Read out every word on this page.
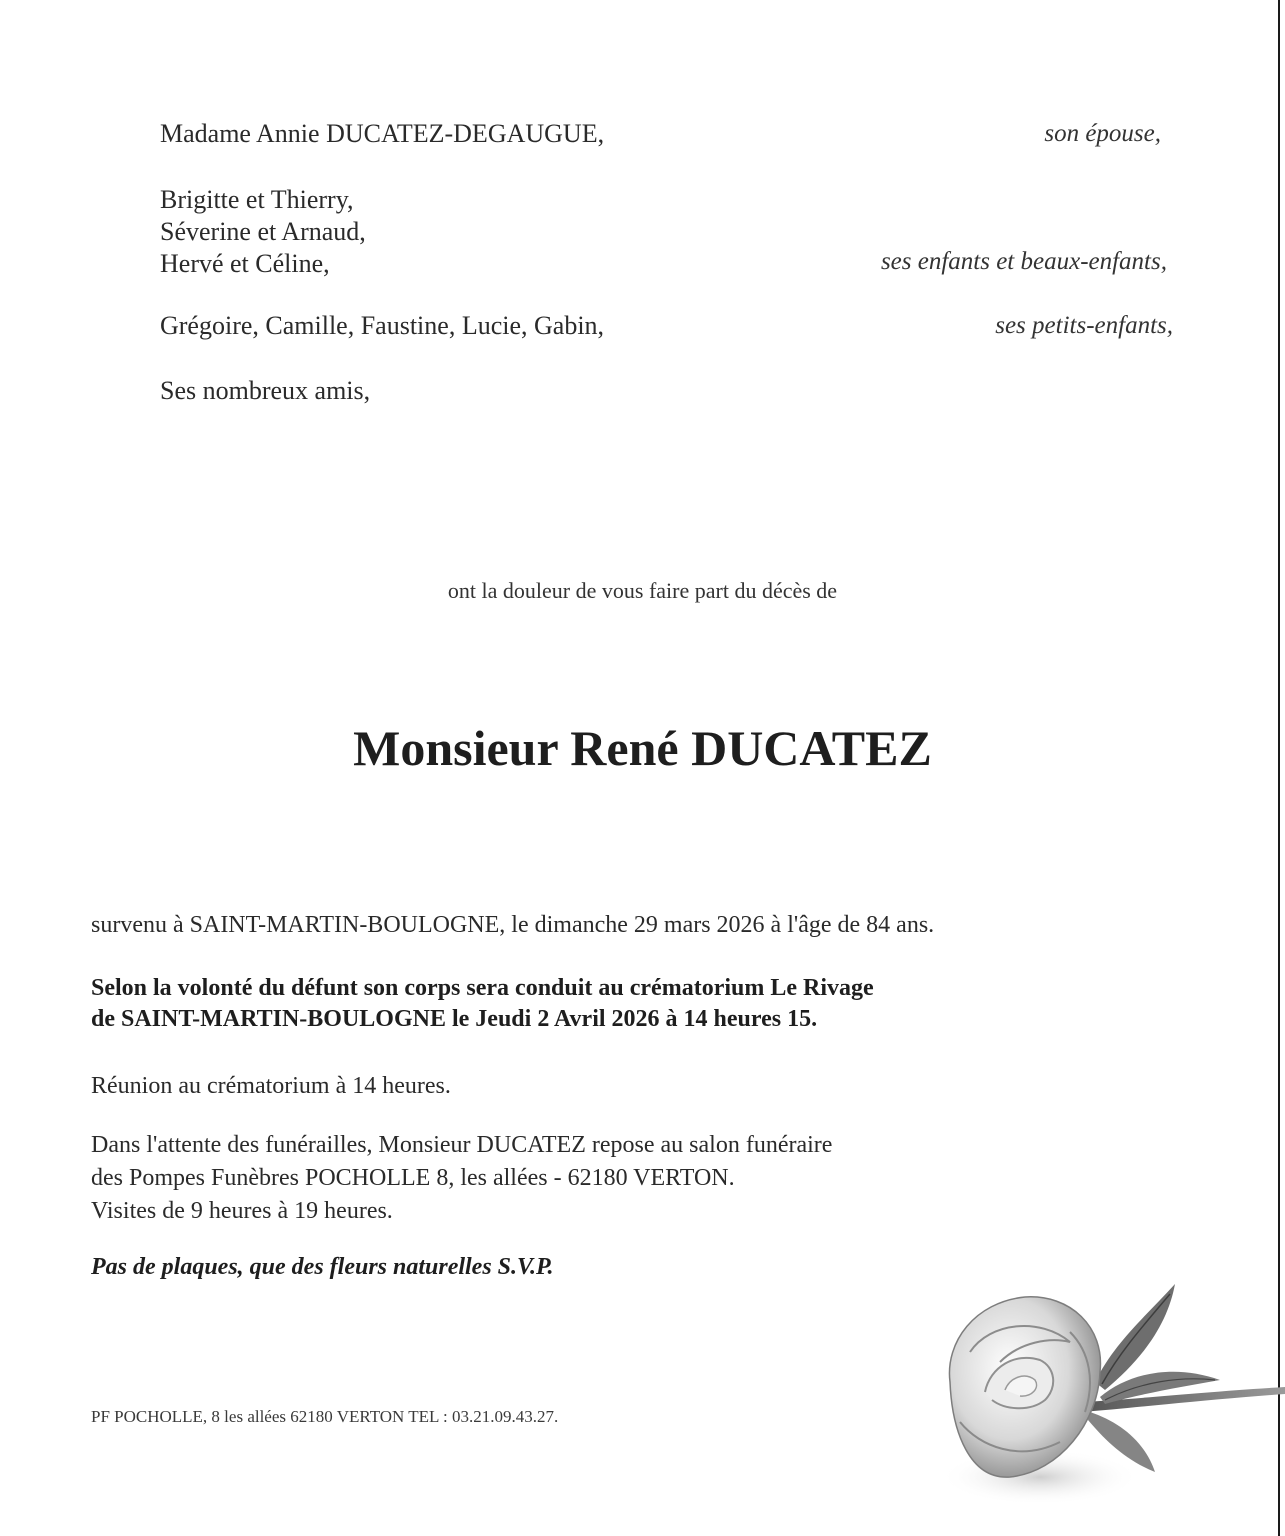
Madame Annie DUCATEZ-DEGAUGUE,	son épouse,
Brigitte et Thierry,
Séverine et Arnaud,
Hervé et Céline,	ses enfants et beaux-enfants,
Grégoire, Camille, Faustine, Lucie, Gabin,	ses petits-enfants,
Ses nombreux amis,
ont la douleur de vous faire part du décès de
Monsieur René DUCATEZ
survenu à SAINT-MARTIN-BOULOGNE, le dimanche 29 mars 2026 à l'âge de 84 ans.
Selon la volonté du défunt son corps sera conduit au crématorium Le Rivage
de SAINT-MARTIN-BOULOGNE le Jeudi 2 Avril 2026 à 14 heures 15.
Réunion au crématorium à 14 heures.
Dans l'attente des funérailles, Monsieur DUCATEZ repose au salon funéraire
des Pompes Funèbres POCHOLLE 8, les allées - 62180 VERTON.
Visites de 9 heures à 19 heures.
Pas de plaques, que des fleurs naturelles S.V.P.
PF POCHOLLE, 8 les allées 62180 VERTON TEL : 03.21.09.43.27.
